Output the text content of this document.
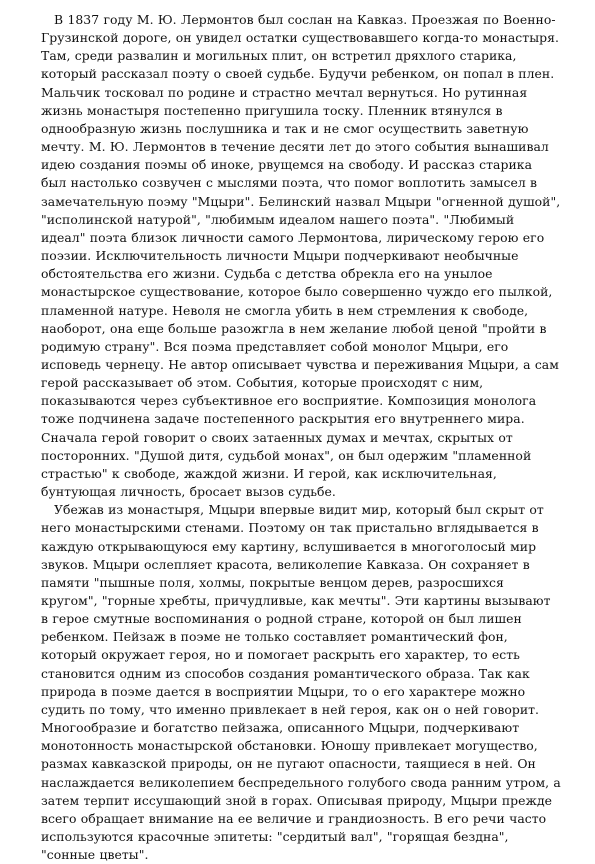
В 1837 году М. Ю. Лермонтов был сослан на Кавказ. Проезжая по Военно-Грузинской дороге, он увидел остатки существовавшего когда-то монастыря. Там, среди развалин и могильных плит, он встретил дряхлого старика, который рассказал поэту о своей судьбе. Будучи ребенком, он попал в плен. Мальчик тосковал по родине и страстно мечтал вернуться. Но рутинная жизнь монастыря постепенно пригушила тоску. Пленник втянулся в однообразную жизнь послушника и так и не смог осуществить заветную мечту. М. Ю. Лермонтов в течение десяти лет до этого события вынашивал идею создания поэмы об иноке, рвущемся на свободу. И рассказ старика был настолько созвучен с мыслями поэта, что помог воплотить замысел в замечательную поэму "Мцыри". Белинский назвал Мцыри "огненной душой", "исполинской натурой", "любимым идеалом нашего поэта". "Любимый идеал" поэта близок личности самого Лермонтова, лирическому герою его поэзии. Исключительность личности Мцыри подчеркивают необычные обстоятельства его жизни. Судьба с детства обрекла его на унылое монастырское существование, которое было совершенно чуждо его пылкой, пламенной натуре. Неволя не смогла убить в нем стремления к свободе, наоборот, она еще больше разожгла в нем желание любой ценой "пройти в родимую страну". Вся поэма представляет собой монолог Мцыри, его исповедь чернецу. Не автор описывает чувства и переживания Мцыри, а сам герой рассказывает об этом. События, которые происходят с ним, показываются через субъективное его восприятие. Композиция монолога тоже подчинена задаче постепенного раскрытия его внутреннего мира. Сначала герой говорит о своих затаенных думах и мечтах, скрытых от посторонних. "Душой дитя, судьбой монах", он был одержим "пламенной страстью" к свободе, жаждой жизни. И герой, как исключительная, бунтующая личность, бросает вызов судьбе.

Убежав из монастыря, Мцыри впервые видит мир, который был скрыт от него монастырскими стенами. Поэтому он так пристально вглядывается в каждую открывающуюся ему картину, вслушивается в многоголосый мир звуков. Мцыри ослепляет красота, великолепие Кавказа. Он сохраняет в памяти "пышные поля, холмы, покрытые венцом дерев, разросшихся кругом", "горные хребты, причудливые, как мечты". Эти картины вызывают в герое смутные воспоминания о родной стране, которой он был лишен ребенком. Пейзаж в поэме не только составляет романтический фон, который окружает героя, но и помогает раскрыть его характер, то есть становится одним из способов создания романтического образа. Так как природа в поэме дается в восприятии Мцыри, то о его характере можно судить по тому, что именно привлекает в ней героя, как он о ней говорит. Многообразие и богатство пейзажа, описанного Мцыри, подчеркивают монотонность монастырской обстановки. Юношу привлекает могущество, размах кавказской природы, он не пугают опасности, таящиеся в ней. Он наслаждается великолепием беспредельного голубого свода ранним утром, а затем терпит иссушающий зной в горах. Описывая природу, Мцыри прежде всего обращает внимание на ее величие и грандиозность. В его речи часто используются красочные эпитеты: "сердитый вал", "горящая бездна", "сонные цветы".
